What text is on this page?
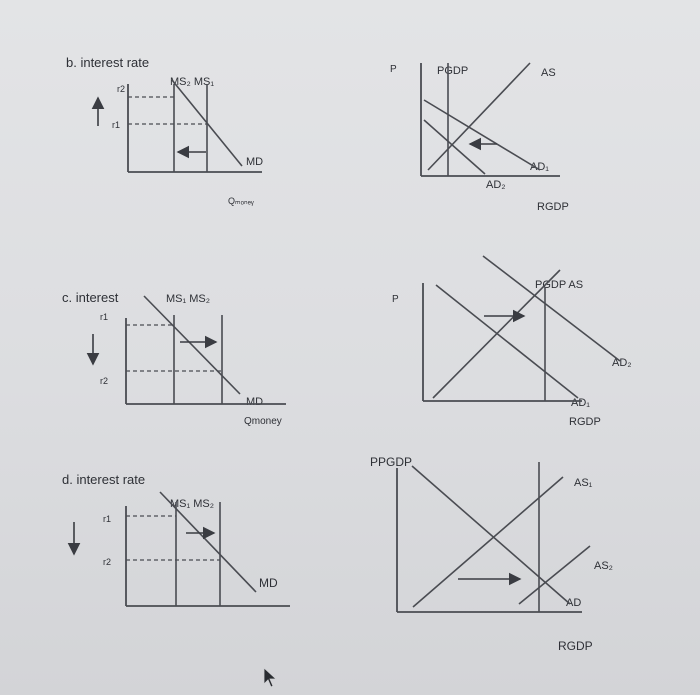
b. interest rate
r2
r1
MS₂ MS₁
MD
Qₘₒₙₑᵧ
P	PGDP	AS
AD₁
AD₂
RGDP
c. interest
r1
r2
MS₁ MS₂
MD
Qmoney
P
PGDP AS
AD₂
AD₁
RGDP
d. interest rate
r1
r2
MS₁ MS₂
MD
PPGDP
AS₁
AS₂
AD
RGDP
